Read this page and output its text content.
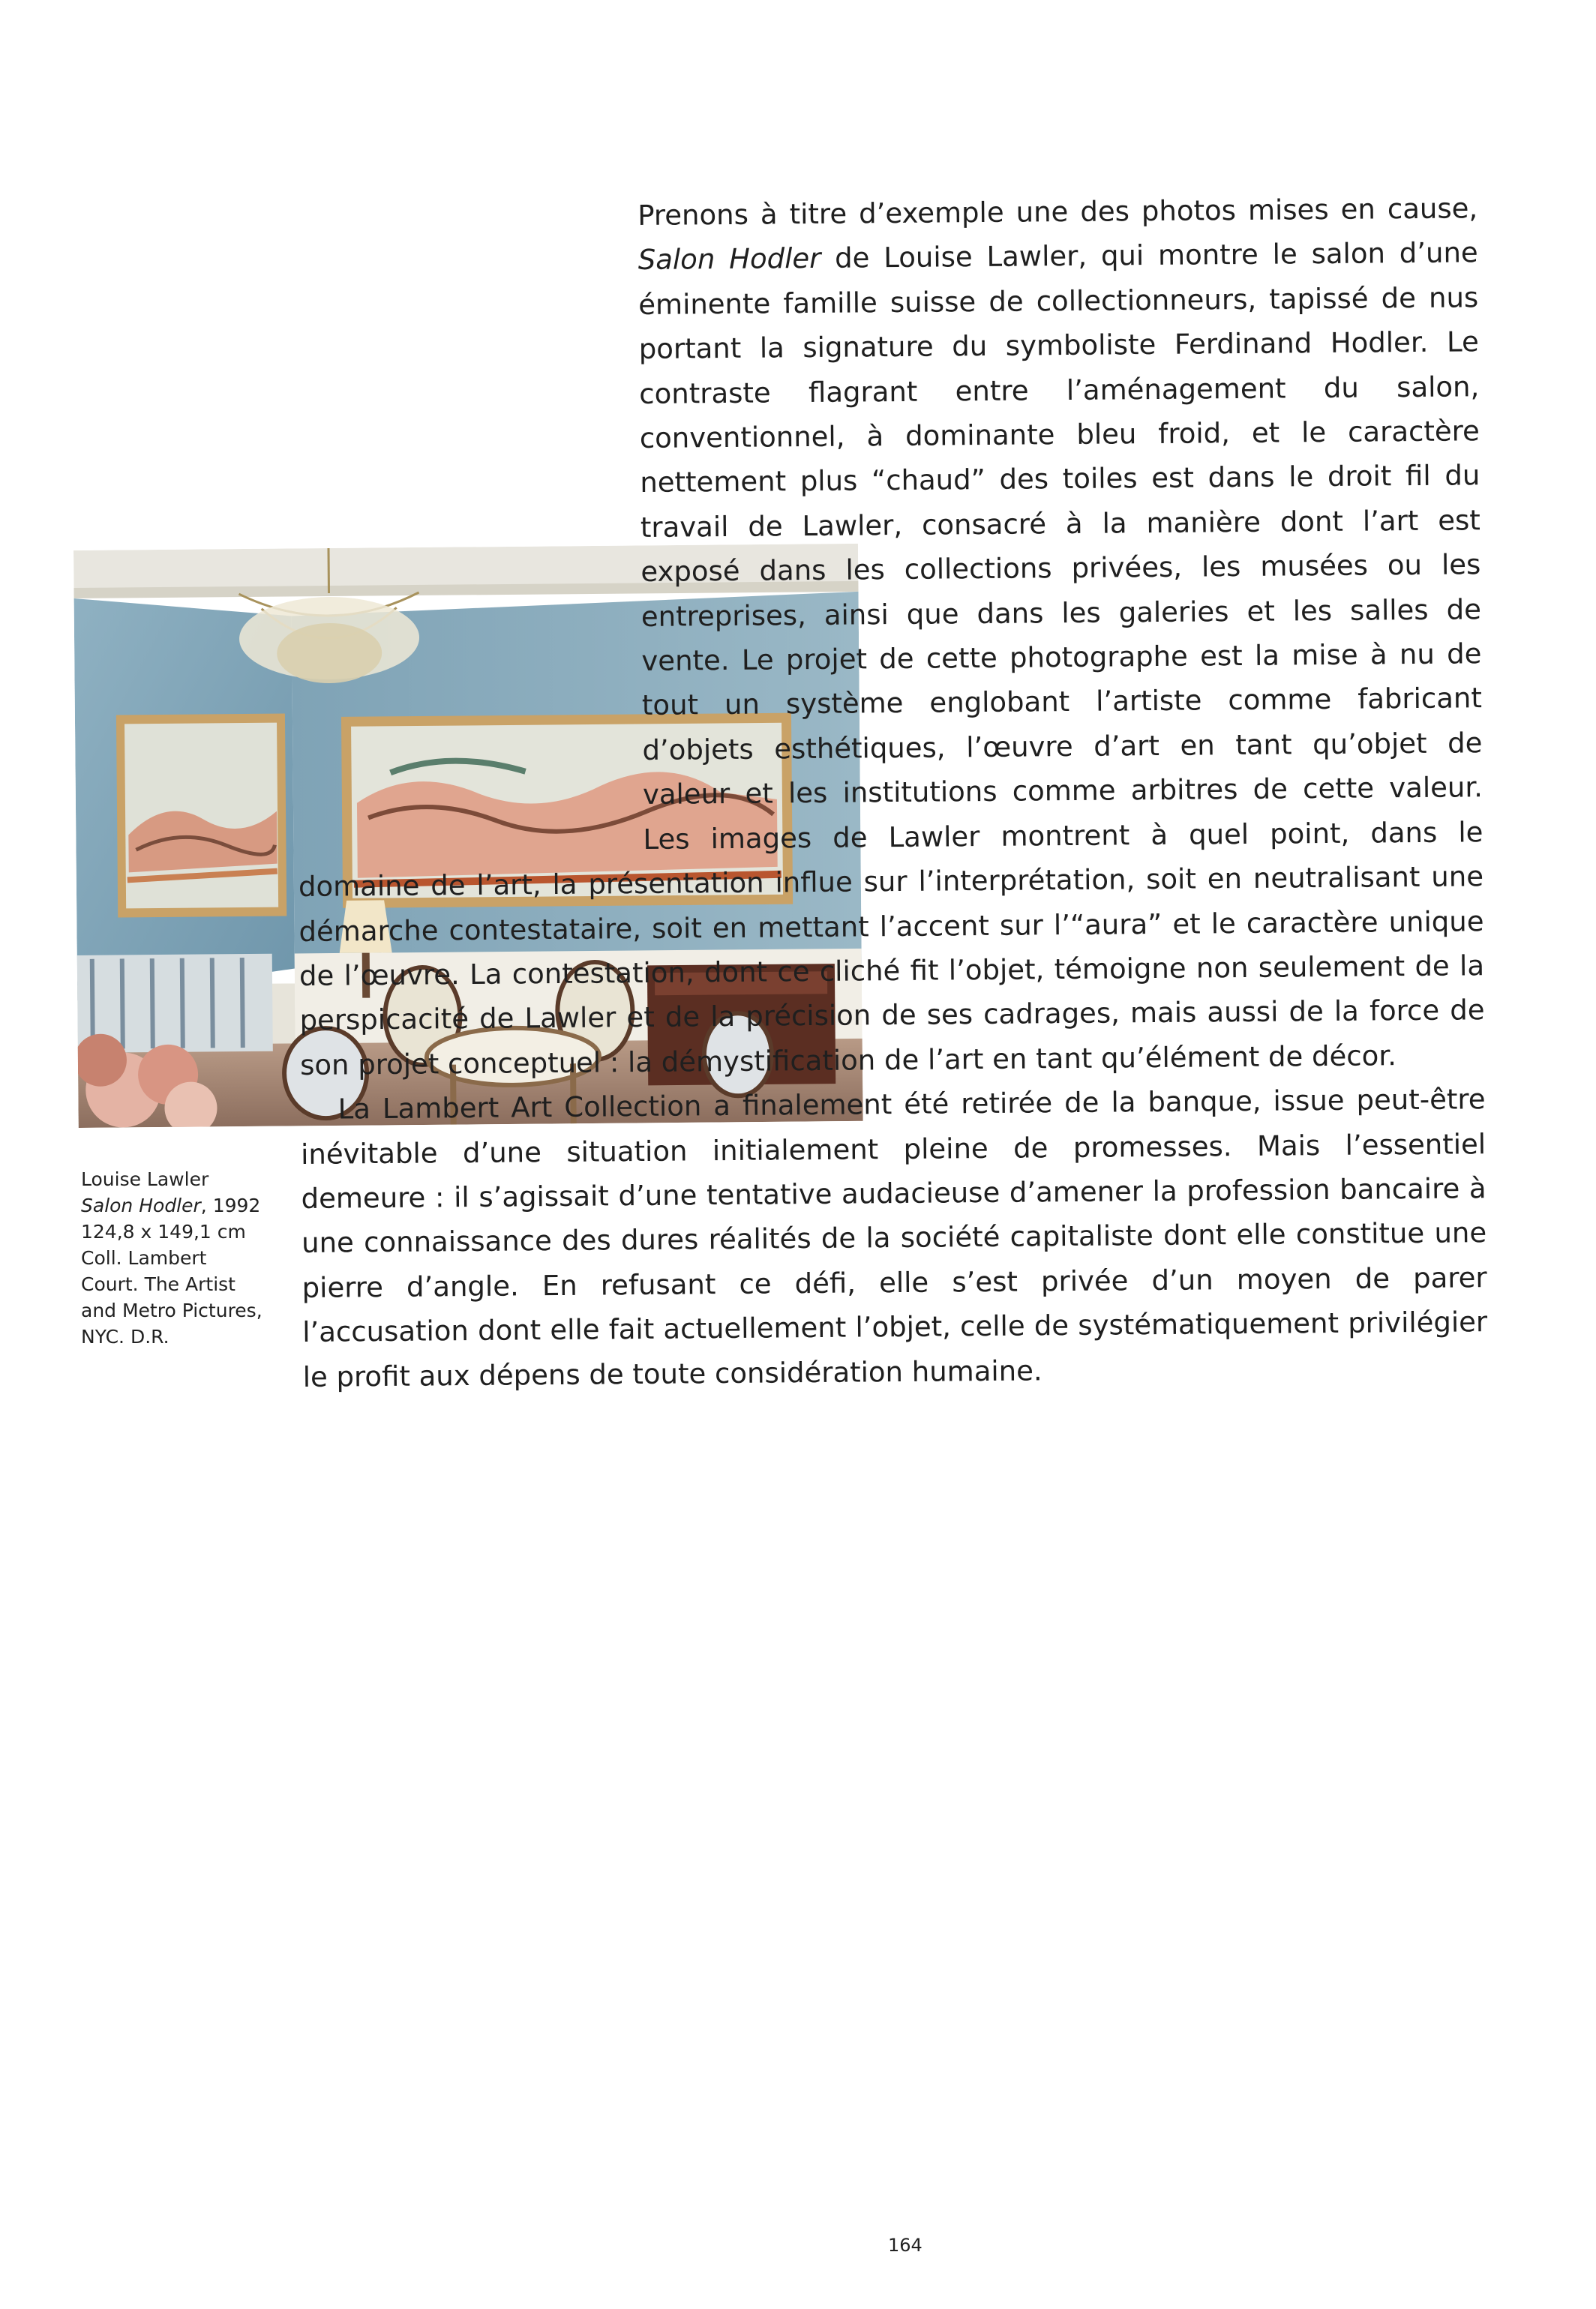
Prenons à titre d’exemple une des photos mises en cause, Salon Hodler de Louise Lawler, qui montre le salon d’une éminente famille suisse de collectionneurs, tapissé de nus portant la signature du symboliste Ferdinand Hodler. Le contraste flagrant entre l’aménagement du salon, conventionnel, à dominante bleu froid, et le caractère nettement plus “chaud” des toiles est dans le droit fil du travail de Lawler, consacré à la manière dont l’art est exposé dans les collections privées, les musées ou les entreprises, ainsi que dans les galeries et les salles de vente. Le projet de cette photographe est la mise à nu de tout un système englobant l’artiste comme fabricant d’objets esthétiques, l’œuvre d’art en tant qu’objet de valeur et les institutions comme arbitres de cette valeur. Les images de Lawler montrent à quel point, dans le domaine de l’art, la présentation influe sur l’interprétation, soit en neutralisant une démarche contestataire, soit en mettant l’accent sur l’“aura” et le caractère unique de l’œuvre. La contestation, dont ce cliché fit l’objet, témoigne non seulement de la perspicacité de Lawler et de la précision de ses cadrages, mais aussi de la force de son projet conceptuel : la démystification de l’art en tant qu’élément de décor.

La Lambert Art Collection a finalement été retirée de la banque, issue peut-être inévitable d’une situation initialement pleine de promesses. Mais l’essentiel demeure : il s’agissait d’une tentative audacieuse d’amener la profession bancaire à une connaissance des dures réalités de la société capitaliste dont elle constitue une pierre d’angle. En refusant ce défi, elle s’est privée d’un moyen de parer l’accusation dont elle fait actuellement l’objet, celle de systématiquement privilégier le profit aux dépens de toute considération humaine.

Louise Lawler
Salon Hodler, 1992
124,8 x 149,1 cm
Coll. Lambert
Court. The Artist
and Metro Pictures,
NYC. D.R.
164
